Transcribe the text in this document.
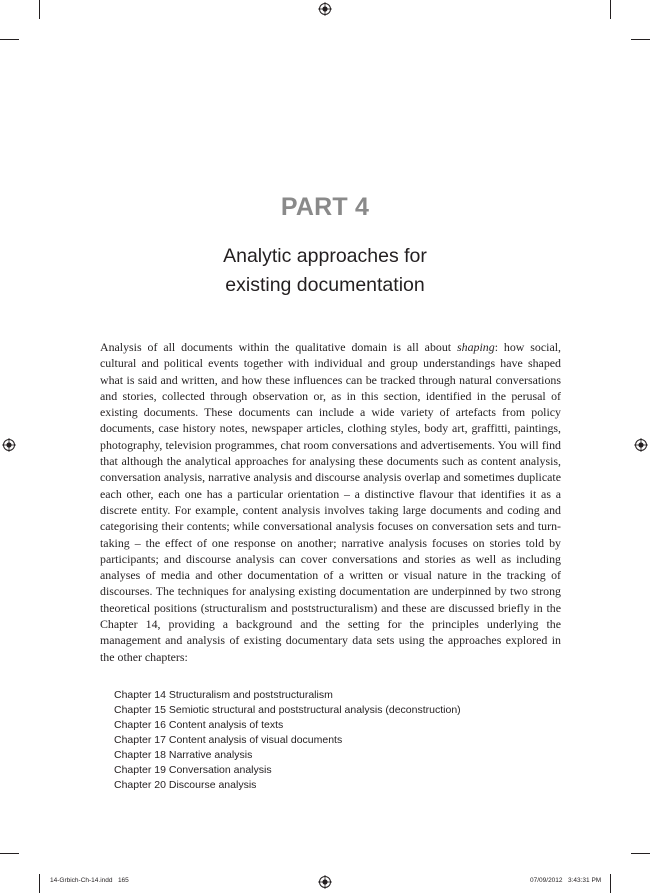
PART 4
Analytic approaches for
existing documentation

Analysis of all documents within the qualitative domain is all about shaping: how social, cultural and political events together with individual and group understandings have shaped what is said and written, and how these influences can be tracked through natural conversations and stories, collected through observation or, as in this section, identified in the perusal of existing documents. These documents can include a wide variety of artefacts from policy documents, case history notes, newspaper articles, clothing styles, body art, graffitti, paintings, photography, television programmes, chat room conversations and advertisements. You will find that although the analytical approaches for analysing these documents such as content analysis, conversation analysis, narrative analysis and discourse analysis overlap and sometimes duplicate each other, each one has a particular orientation – a distinctive flavour that identifies it as a discrete entity. For example, content analysis involves taking large documents and coding and categorising their contents; while conversational analysis focuses on conversation sets and turn-taking – the effect of one response on another; narrative analysis focuses on stories told by participants; and discourse analysis can cover conversations and stories as well as including analyses of media and other documentation of a written or visual nature in the tracking of discourses. The techniques for analysing existing documentation are underpinned by two strong theoretical positions (structuralism and poststructuralism) and these are discussed briefly in the Chapter 14, providing a background and the setting for the principles underlying the management and analysis of existing documentary data sets using the approaches explored in the other chapters:

Chapter 14 Structuralism and poststructuralism
Chapter 15 Semiotic structural and poststructural analysis (deconstruction)
Chapter 16 Content analysis of texts
Chapter 17 Content analysis of visual documents
Chapter 18 Narrative analysis
Chapter 19 Conversation analysis
Chapter 20 Discourse analysis
14-Grbich-Ch-14.indd 165	07/09/2012 3:43:31 PM
